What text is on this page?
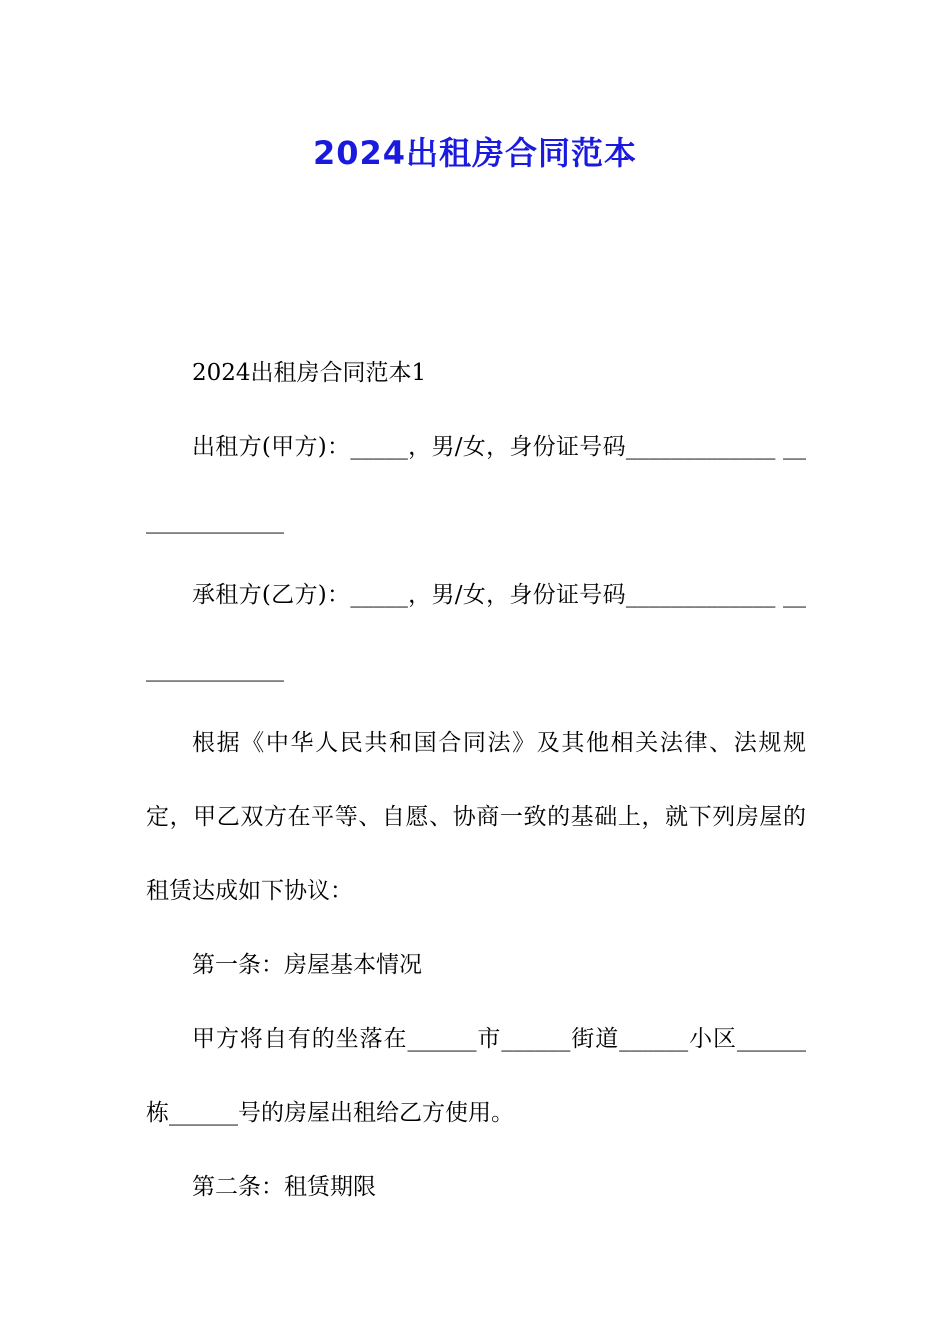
2024出租房合同范本

2024出租房合同范本1

出租方(甲方)：_____，男/女，身份证号码_____________ ______________

承租方(乙方)：_____，男/女，身份证号码_____________ ______________

根据《中华人民共和国合同法》及其他相关法律、法规规定，甲乙双方在平等、自愿、协商一致的基础上，就下列房屋的租赁达成如下协议：

第一条：房屋基本情况

甲方将自有的坐落在______市______街道______小区______栋______号的房屋出租给乙方使用。

第二条：租赁期限
